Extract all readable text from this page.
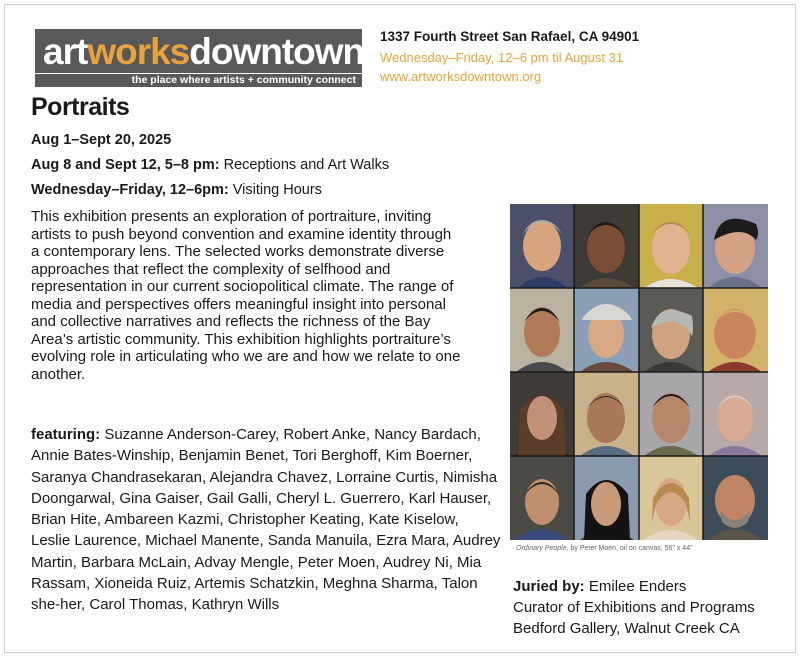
artworksdowntown
the place where artists + community connect
1337 Fourth Street San Rafael, CA 94901
Wednesday–Friday, 12–6 pm til August 31
www.artworksdowntown.org
Portraits
Aug 1–Sept 20, 2025
Aug 8 and Sept 12, 5–8 pm: Receptions and Art Walks
Wednesday–Friday, 12–6pm: Visiting Hours
This exhibition presents an exploration of portraiture, inviting artists to push beyond convention and examine identity through a contemporary lens. The selected works demonstrate diverse approaches that reflect the complexity of selfhood and representation in our current sociopolitical climate. The range of media and perspectives offers meaningful insight into personal and collective narratives and reflects the richness of the Bay Area’s artistic community. This exhibition highlights portraiture’s evolving role in articulating who we are and how we relate to one another.
featuring: Suzanne Anderson-Carey, Robert Anke, Nancy Bardach, Annie Bates-Winship, Benjamin Benet, Tori Berghoff, Kim Boerner, Saranya Chandrasekaran, Alejandra Chavez, Lorraine Curtis, Nimisha Doongarwal, Gina Gaiser, Gail Galli, Cheryl L. Guerrero, Karl Hauser, Brian Hite, Ambareen Kazmi, Christopher Keating, Kate Kiselow, Leslie Laurence, Michael Manente, Sanda Manuila, Ezra Mara, Audrey Martin, Barbara McLain, Advay Mengle, Peter Moen, Audrey Ni, Mia Rassam, Xioneida Ruiz, Artemis Schatzkin, Meghna Sharma, Talon she-her, Carol Thomas, Kathryn Wills
Ordinary People, by Peter Moen, oil on canvas, 56" x 44"
Juried by: Emilee Enders
Curator of Exhibitions and Programs
Bedford Gallery, Walnut Creek CA
